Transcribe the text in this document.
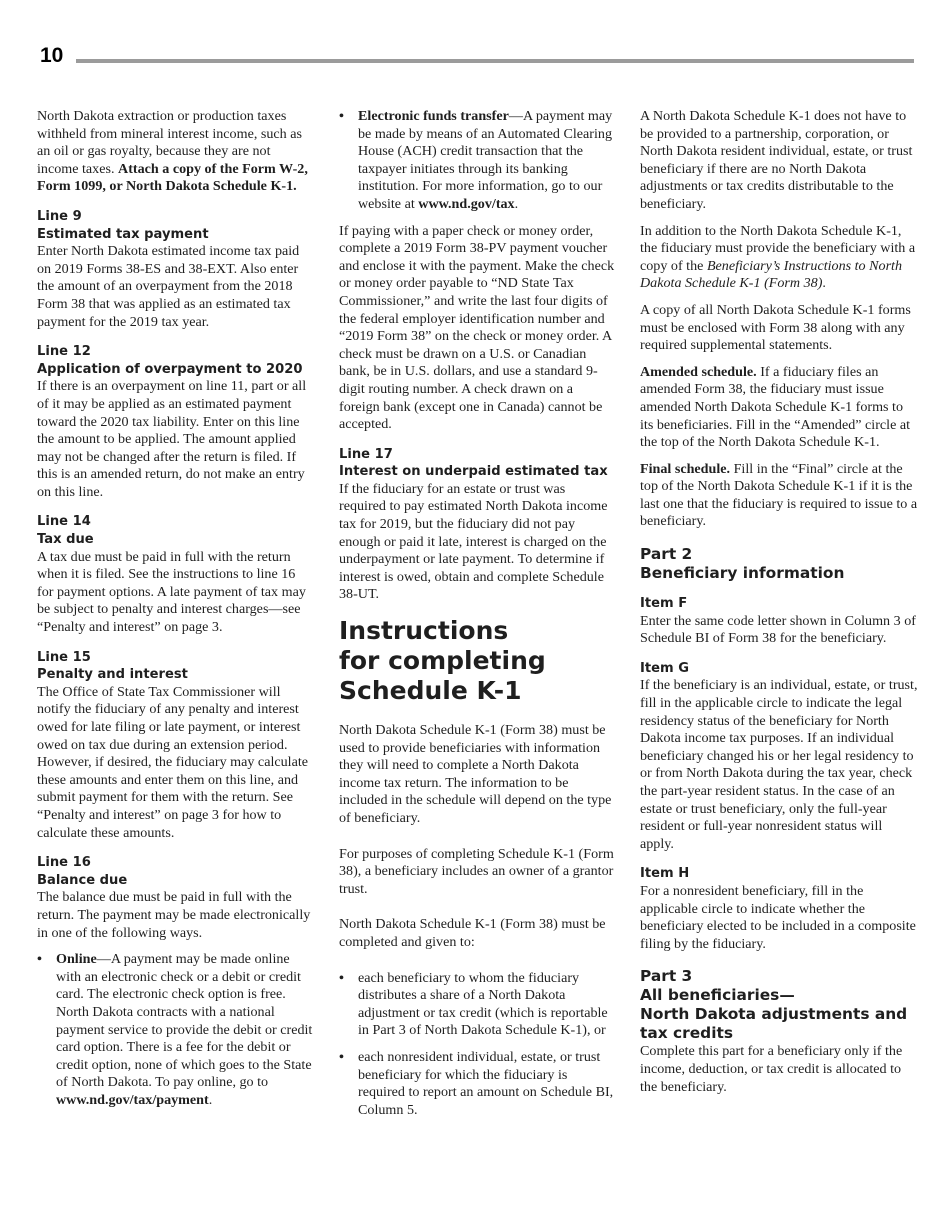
10

North Dakota extraction or production taxes withheld from mineral interest income, such as an oil or gas royalty, because they are not income taxes. Attach a copy of the Form W-2, Form 1099, or North Dakota Schedule K-1.

Line 9
Estimated tax payment

Enter North Dakota estimated income tax paid on 2019 Forms 38-ES and 38-EXT. Also enter the amount of an overpayment from the 2018 Form 38 that was applied as an estimated tax payment for the 2019 tax year.

Line 12
Application of overpayment to 2020

If there is an overpayment on line 11, part or all of it may be applied as an estimated payment toward the 2020 tax liability. Enter on this line the amount to be applied. The amount applied may not be changed after the return is filed. If this is an amended return, do not make an entry on this line.

Line 14
Tax due

A tax due must be paid in full with the return when it is filed. See the instructions to line 16 for payment options. A late payment of tax may be subject to penalty and interest charges—see “Penalty and interest” on page 3.

Line 15
Penalty and interest

The Office of State Tax Commissioner will notify the fiduciary of any penalty and interest owed for late filing or late payment, or interest owed on tax due during an extension period. However, if desired, the fiduciary may calculate these amounts and enter them on this line, and submit payment for them with the return. See “Penalty and interest” on page 3 for how to calculate these amounts.

Line 16
Balance due

The balance due must be paid in full with the return. The payment may be made electronically in one of the following ways.

• Online—A payment may be made online with an electronic check or a debit or credit card. The electronic check option is free. North Dakota contracts with a national payment service to provide the debit or credit card option. There is a fee for the debit or credit option, none of which goes to the State of North Dakota. To pay online, go to www.nd.gov/tax/payment.
• Electronic funds transfer—A payment may be made by means of an Automated Clearing House (ACH) credit transaction that the taxpayer initiates through its banking institution. For more information, go to our website at www.nd.gov/tax.

If paying with a paper check or money order, complete a 2019 Form 38-PV payment voucher and enclose it with the payment. Make the check or money order payable to “ND State Tax Commissioner,” and write the last four digits of the federal employer identification number and “2019 Form 38” on the check or money order. A check must be drawn on a U.S. or Canadian bank, be in U.S. dollars, and use a standard 9-digit routing number. A check drawn on a foreign bank (except one in Canada) cannot be accepted.

Line 17
Interest on underpaid estimated tax

If the fiduciary for an estate or trust was required to pay estimated North Dakota income tax for 2019, but the fiduciary did not pay enough or paid it late, interest is charged on the underpayment or late payment. To determine if interest is owed, obtain and complete Schedule 38-UT.

Instructions
for completing
Schedule K-1

North Dakota Schedule K-1 (Form 38) must be used to provide beneficiaries with information they will need to complete a North Dakota income tax return. The information to be included in the schedule will depend on the type of beneficiary.

For purposes of completing Schedule K-1 (Form 38), a beneficiary includes an owner of a grantor trust.

North Dakota Schedule K-1 (Form 38) must be completed and given to:

• each beneficiary to whom the fiduciary distributes a share of a North Dakota adjustment or tax credit (which is reportable in Part 3 of North Dakota Schedule K-1), or
• each nonresident individual, estate, or trust beneficiary for which the fiduciary is required to report an amount on Schedule BI, Column 5.

A North Dakota Schedule K-1 does not have to be provided to a partnership, corporation, or North Dakota resident individual, estate, or trust beneficiary if there are no North Dakota adjustments or tax credits distributable to the beneficiary.

In addition to the North Dakota Schedule K-1, the fiduciary must provide the beneficiary with a copy of the Beneficiary’s Instructions to North Dakota Schedule K-1 (Form 38).

A copy of all North Dakota Schedule K-1 forms must be enclosed with Form 38 along with any required supplemental statements.

Amended schedule. If a fiduciary files an amended Form 38, the fiduciary must issue amended North Dakota Schedule K-1 forms to its beneficiaries. Fill in the “Amended” circle at the top of the North Dakota Schedule K-1.

Final schedule. Fill in the “Final” circle at the top of the North Dakota Schedule K-1 if it is the last one that the fiduciary is required to issue to a beneficiary.

Part 2
Beneficiary information
Item F

Enter the same code letter shown in Column 3 of Schedule BI of Form 38 for the beneficiary.

Item G

If the beneficiary is an individual, estate, or trust, fill in the applicable circle to indicate the legal residency status of the beneficiary for North Dakota income tax purposes. If an individual beneficiary changed his or her legal residency to or from North Dakota during the tax year, check the part-year resident status. In the case of an estate or trust beneficiary, only the full-year resident or full-year nonresident status will apply.

Item H

For a nonresident beneficiary, fill in the applicable circle to indicate whether the beneficiary elected to be included in a composite filing by the fiduciary.

Part 3
All beneficiaries—
North Dakota adjustments and
tax credits

Complete this part for a beneficiary only if the income, deduction, or tax credit is allocated to the beneficiary.
